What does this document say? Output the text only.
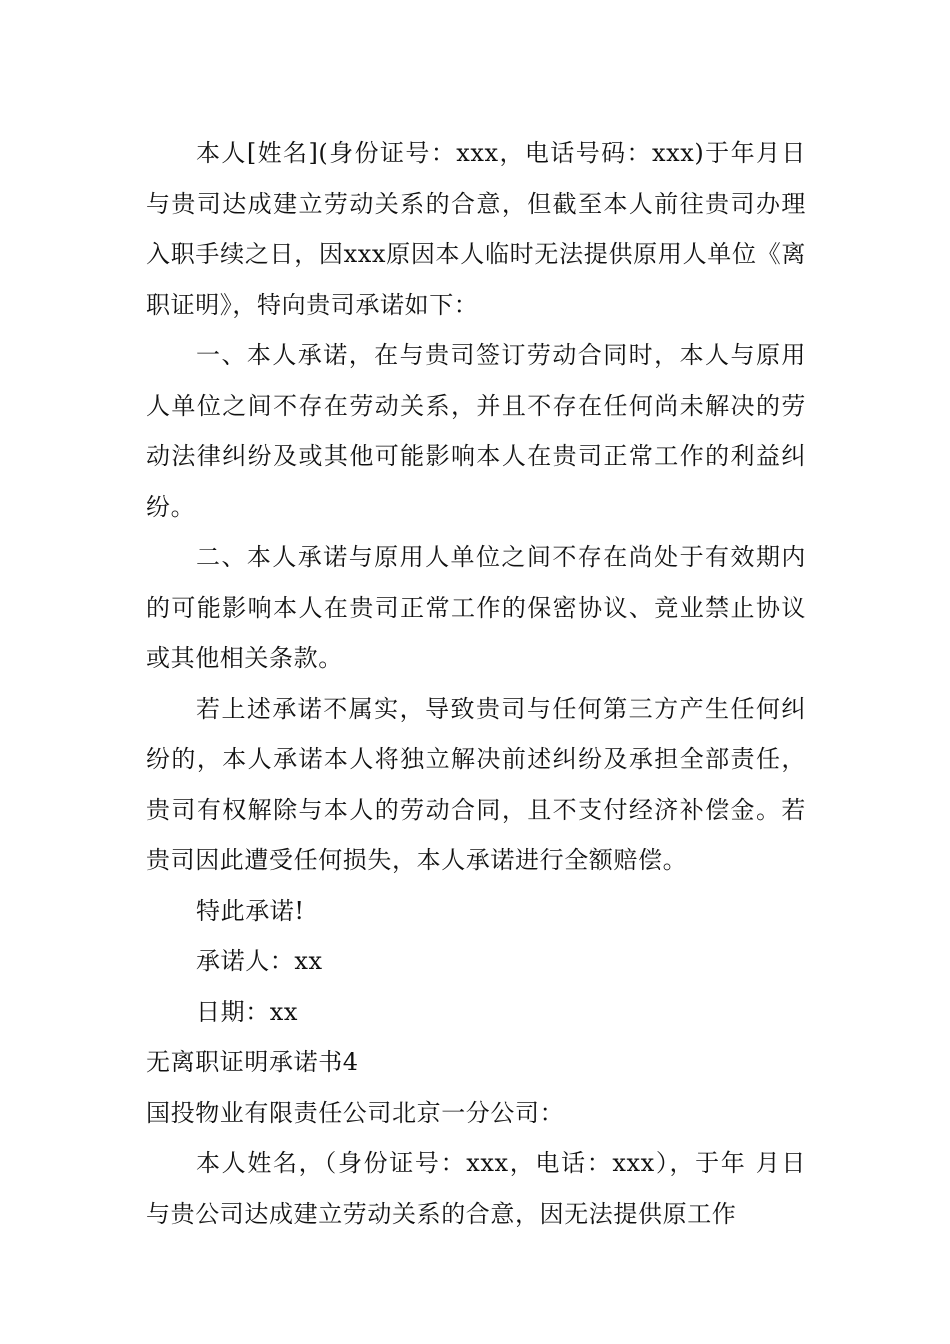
本人[姓名](身份证号：xxx，电话号码：xxx)于年月日与贵司达成建立劳动关系的合意，但截至本人前往贵司办理入职手续之日，因xxx原因本人临时无法提供原用人单位《离职证明》，特向贵司承诺如下：

一、本人承诺，在与贵司签订劳动合同时，本人与原用人单位之间不存在劳动关系，并且不存在任何尚未解决的劳动法律纠纷及或其他可能影响本人在贵司正常工作的利益纠纷。

二、本人承诺与原用人单位之间不存在尚处于有效期内的可能影响本人在贵司正常工作的保密协议、竞业禁止协议或其他相关条款。

若上述承诺不属实，导致贵司与任何第三方产生任何纠纷的，本人承诺本人将独立解决前述纠纷及承担全部责任，贵司有权解除与本人的劳动合同，且不支付经济补偿金。若贵司因此遭受任何损失，本人承诺进行全额赔偿。

特此承诺!

承诺人：xx

日期：xx

无离职证明承诺书4

国投物业有限责任公司北京一分公司：

本人姓名，（身份证号：xxx，电话：xxx），于年 月日与贵公司达成建立劳动关系的合意，因无法提供原工作
